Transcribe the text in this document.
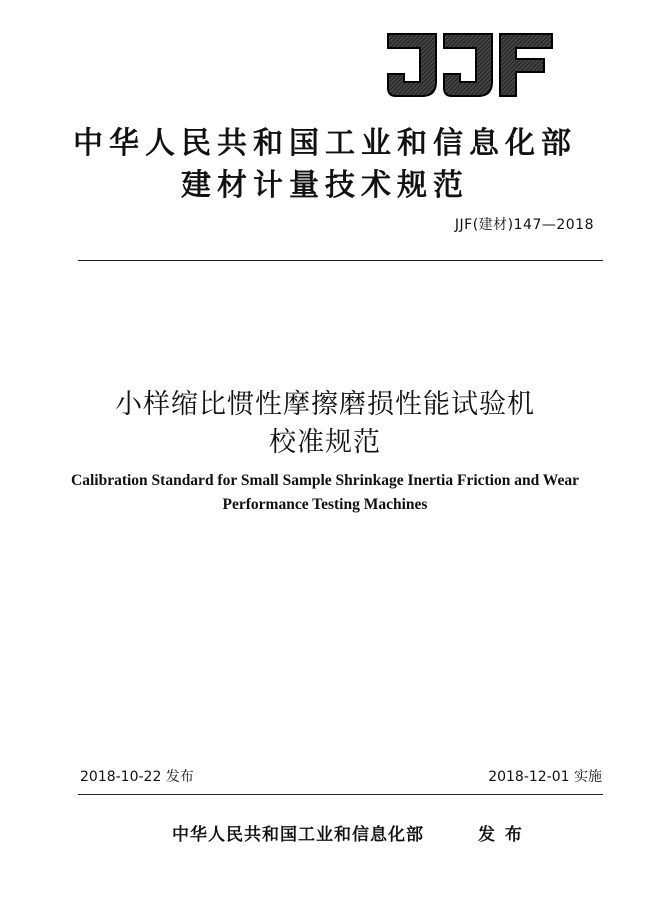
中华人民共和国工业和信息化部
建材计量技术规范
JJF(建材)147—2018
小样缩比惯性摩擦磨损性能试验机
校准规范
Calibration Standard for Small Sample Shrinkage Inertia Friction and Wear
Performance Testing Machines
2018-10-22 发布	2018-12-01 实施
中华人民共和国工业和信息化部	发 布
